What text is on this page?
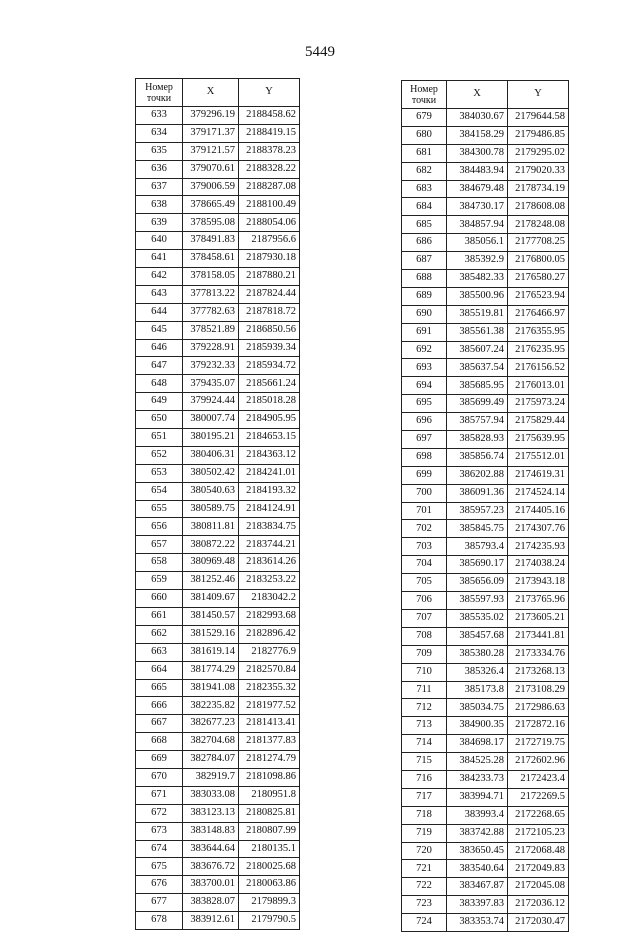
5449
Номер точки	X	Y
633	379296.19	2188458.62
634	379171.37	2188419.15
635	379121.57	2188378.23
636	379070.61	2188328.22
637	379006.59	2188287.08
638	378665.49	2188100.49
639	378595.08	2188054.06
640	378491.83	2187956.6
641	378458.61	2187930.18
642	378158.05	2187880.21
643	377813.22	2187824.44
644	377782.63	2187818.72
645	378521.89	2186850.56
646	379228.91	2185939.34
647	379232.33	2185934.72
648	379435.07	2185661.24
649	379924.44	2185018.28
650	380007.74	2184905.95
651	380195.21	2184653.15
652	380406.31	2184363.12
653	380502.42	2184241.01
654	380540.63	2184193.32
655	380589.75	2184124.91
656	380811.81	2183834.75
657	380872.22	2183744.21
658	380969.48	2183614.26
659	381252.46	2183253.22
660	381409.67	2183042.2
661	381450.57	2182993.68
662	381529.16	2182896.42
663	381619.14	2182776.9
664	381774.29	2182570.84
665	381941.08	2182355.32
666	382235.82	2181977.52
667	382677.23	2181413.41
668	382704.68	2181377.83
669	382784.07	2181274.79
670	382919.7	2181098.86
671	383033.08	2180951.8
672	383123.13	2180825.81
673	383148.83	2180807.99
674	383644.64	2180135.1
675	383676.72	2180025.68
676	383700.01	2180063.86
677	383828.07	2179899.3
678	383912.61	2179790.5
Номер точки	X	Y
679	384030.67	2179644.58
680	384158.29	2179486.85
681	384300.78	2179295.02
682	384483.94	2179020.33
683	384679.48	2178734.19
684	384730.17	2178608.08
685	384857.94	2178248.08
686	385056.1	2177708.25
687	385392.9	2176800.05
688	385482.33	2176580.27
689	385500.96	2176523.94
690	385519.81	2176466.97
691	385561.38	2176355.95
692	385607.24	2176235.95
693	385637.54	2176156.52
694	385685.95	2176013.01
695	385699.49	2175973.24
696	385757.94	2175829.44
697	385828.93	2175639.95
698	385856.74	2175512.01
699	386202.88	2174619.31
700	386091.36	2174524.14
701	385957.23	2174405.16
702	385845.75	2174307.76
703	385793.4	2174235.93
704	385690.17	2174038.24
705	385656.09	2173943.18
706	385597.93	2173765.96
707	385535.02	2173605.21
708	385457.68	2173441.81
709	385380.28	2173334.76
710	385326.4	2173268.13
711	385173.8	2173108.29
712	385034.75	2172986.63
713	384900.35	2172872.16
714	384698.17	2172719.75
715	384525.28	2172602.96
716	384233.73	2172423.4
717	383994.71	2172269.5
718	383993.4	2172268.65
719	383742.88	2172105.23
720	383650.45	2172068.48
721	383540.64	2172049.83
722	383467.87	2172045.08
723	383397.83	2172036.12
724	383353.74	2172030.47
